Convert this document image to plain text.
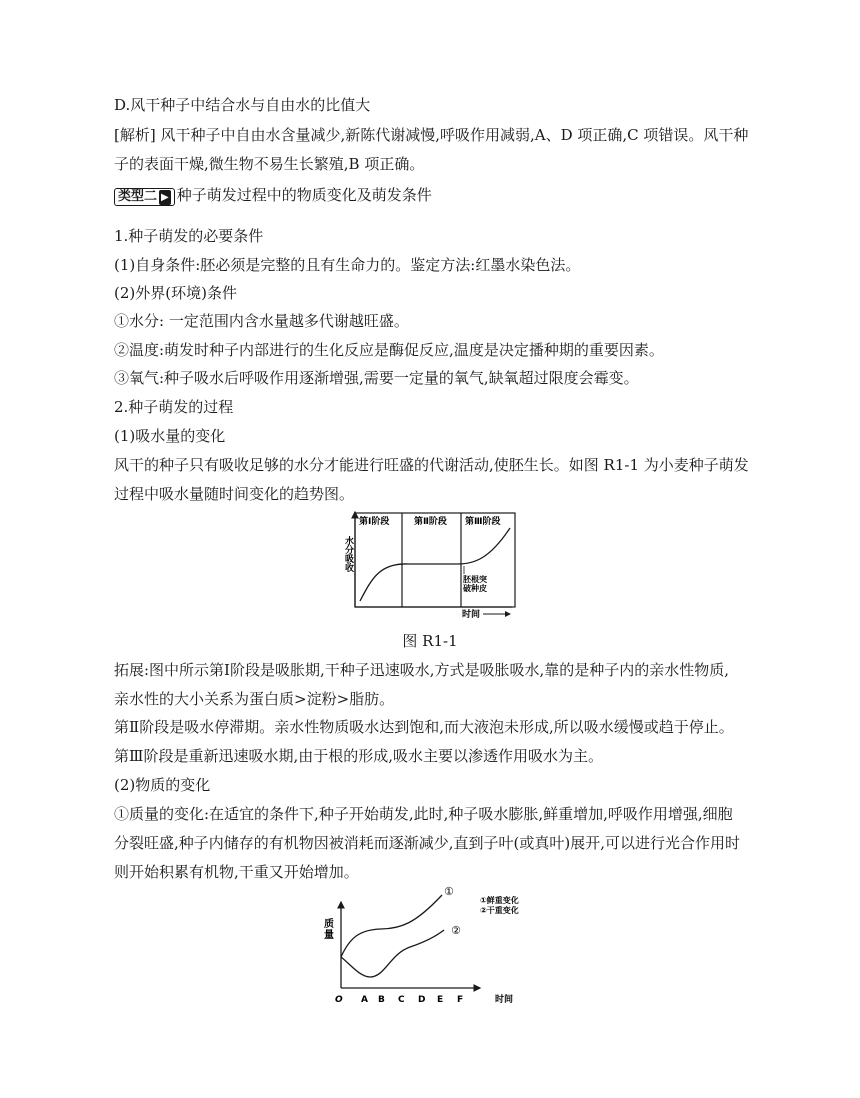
D.风干种子中结合水与自由水的比值大
[解析] 风干种子中自由水含量减少,新陈代谢减慢,呼吸作用减弱,A、D 项正确,C 项错误。风干种
子的表面干燥,微生物不易生长繁殖,B 项正确。
类型二 ▶ 种子萌发过程中的物质变化及萌发条件
1.种子萌发的必要条件
(1)自身条件:胚必须是完整的且有生命力的。鉴定方法:红墨水染色法。
(2)外界(环境)条件
①水分: 一定范围内含水量越多代谢越旺盛。
②温度:萌发时种子内部进行的生化反应是酶促反应,温度是决定播种期的重要因素。
③氧气:种子吸水后呼吸作用逐渐增强,需要一定量的氧气,缺氧超过限度会霉变。
2.种子萌发的过程
(1)吸水量的变化
风干的种子只有吸收足够的水分才能进行旺盛的代谢活动,使胚生长。如图 R1-1 为小麦种子萌发
过程中吸水量随时间变化的趋势图。
第Ⅰ阶段	第Ⅱ阶段 第Ⅲ阶段
水
分
吸
收
胚根突
破种皮
时间
图 R1-1
拓展:图中所示第Ⅰ阶段是吸胀期,干种子迅速吸水,方式是吸胀吸水,靠的是种子内的亲水性物质,
亲水性的大小关系为蛋白质>淀粉>脂肪。
第Ⅱ阶段是吸水停滞期。亲水性物质吸水达到饱和,而大液泡未形成,所以吸水缓慢或趋于停止。
第Ⅲ阶段是重新迅速吸水期,由于根的形成,吸水主要以渗透作用吸水为主。
(2)物质的变化
①质量的变化:在适宜的条件下,种子开始萌发,此时,种子吸水膨胀,鲜重增加,呼吸作用增强,细胞
分裂旺盛,种子内储存的有机物因被消耗而逐渐减少,直到子叶(或真叶)展开,可以进行光合作用时
则开始积累有机物,干重又开始增加。
质
量
①
②
①鲜重变化
②干重变化
O A B C D E F	时间
